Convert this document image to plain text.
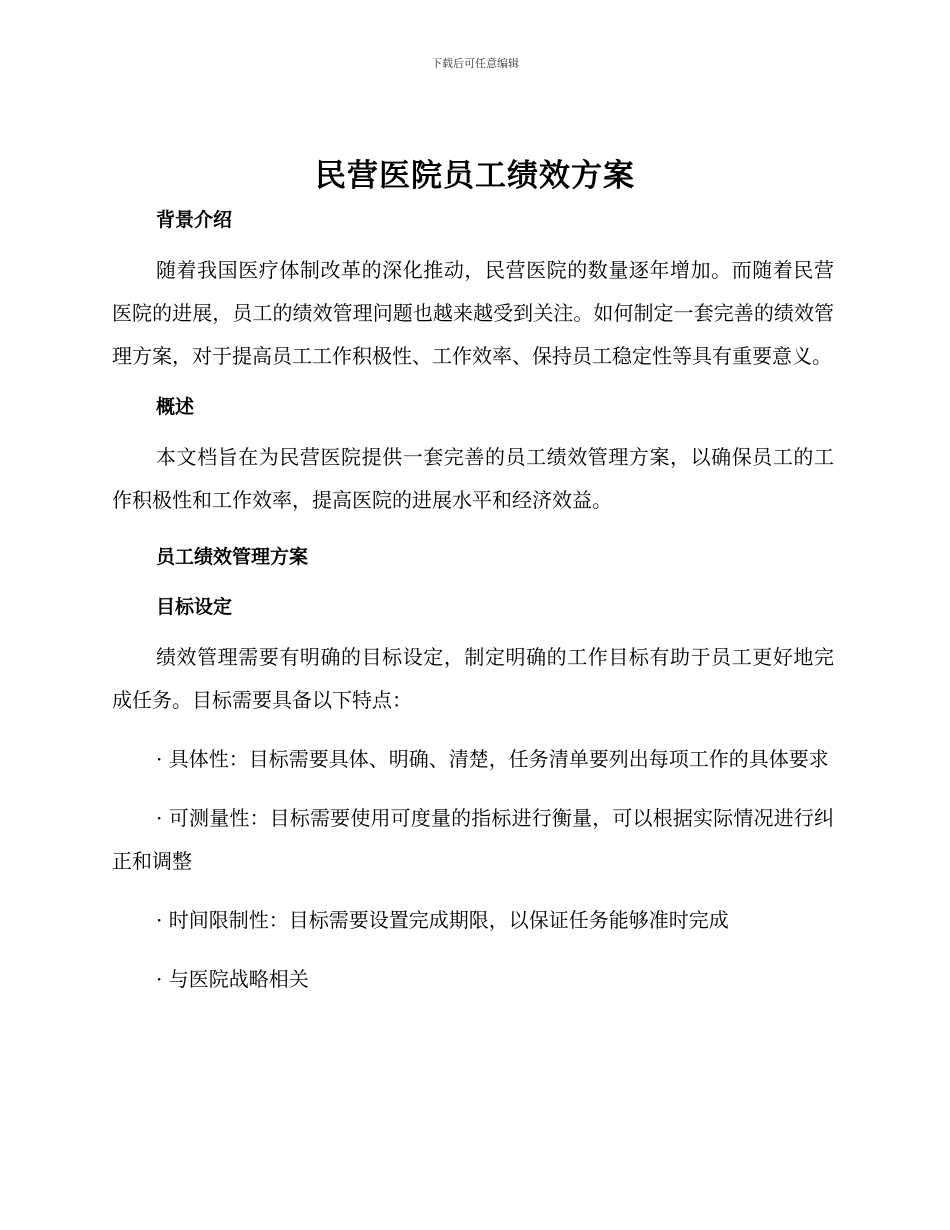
下载后可任意编辑
民营医院员工绩效方案

背景介绍

随着我国医疗体制改革的深化推动，民营医院的数量逐年增加。而随着民营医院的进展，员工的绩效管理问题也越来越受到关注。如何制定一套完善的绩效管理方案，对于提高员工工作积极性、工作效率、保持员工稳定性等具有重要意义。

概述

本文档旨在为民营医院提供一套完善的员工绩效管理方案，以确保员工的工作积极性和工作效率，提高医院的进展水平和经济效益。

员工绩效管理方案

目标设定

绩效管理需要有明确的目标设定，制定明确的工作目标有助于员工更好地完成任务。目标需要具备以下特点：

· 具体性：目标需要具体、明确、清楚，任务清单要列出每项工作的具体要求

· 可测量性：目标需要使用可度量的指标进行衡量，可以根据实际情况进行纠正和调整

· 时间限制性：目标需要设置完成期限，以保证任务能够准时完成

· 与医院战略相关
